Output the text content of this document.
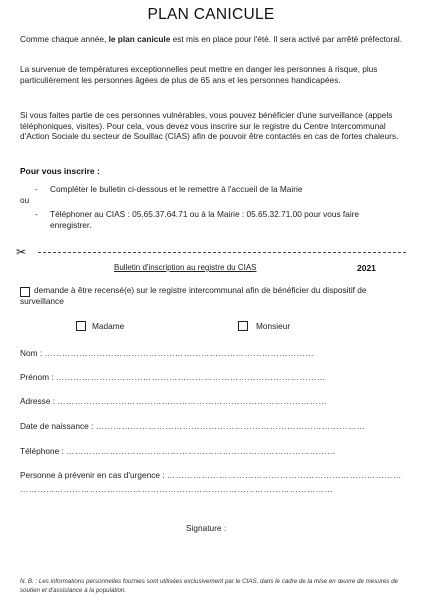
PLAN CANICULE
Comme chaque année, le plan canicule est mis en place pour l'été. Il sera activé par arrêté préfectoral.
La survenue de températures exceptionnelles peut mettre en danger les personnes à risque, plus particulièrement les personnes âgées de plus de 65 ans et les personnes handicapées.
Si vous faites partie de ces personnes vulnérables, vous pouvez bénéficier d'une surveillance (appels téléphoniques, visites). Pour cela, vous devez vous inscrire sur le registre du Centre Intercommunal d'Action Sociale du secteur de Souillac (CIAS) afin de pouvoir être contactés en cas de fortes chaleurs.
Pour vous inscrire :
- Compléter le bulletin ci-dessous et le remettre à l'accueil de la Mairie
ou
- Téléphoner au CIAS : 05.65.37.64.71 ou à la Mairie : 05.65.32.71.00 pour vous faire enregistrer.
✂
Bulletin d'inscription au registre du CIAS	2021
demande à être recensé(e) sur le registre intercommunal afin de bénéficier du dispositif de surveillance
Madame	Monsieur
Nom : …………………………………………………………………………………
Prénom : …………………………………………………………………………………
Adresse : …………………………………………………………………………………
Date de naissance : …………………………………………………………………………………
Téléphone : …………………………………………………………………………………
Personne à prévenir en cas d'urgence : ………………………………………………………………………
………………………………………………………………………………………………
Signature :
N. B. : Les informations personnelles fournies sont utilisées exclusivement par le CIAS, dans le cadre de la mise en œuvre de mesures de soutien et d'assistance à la population.
